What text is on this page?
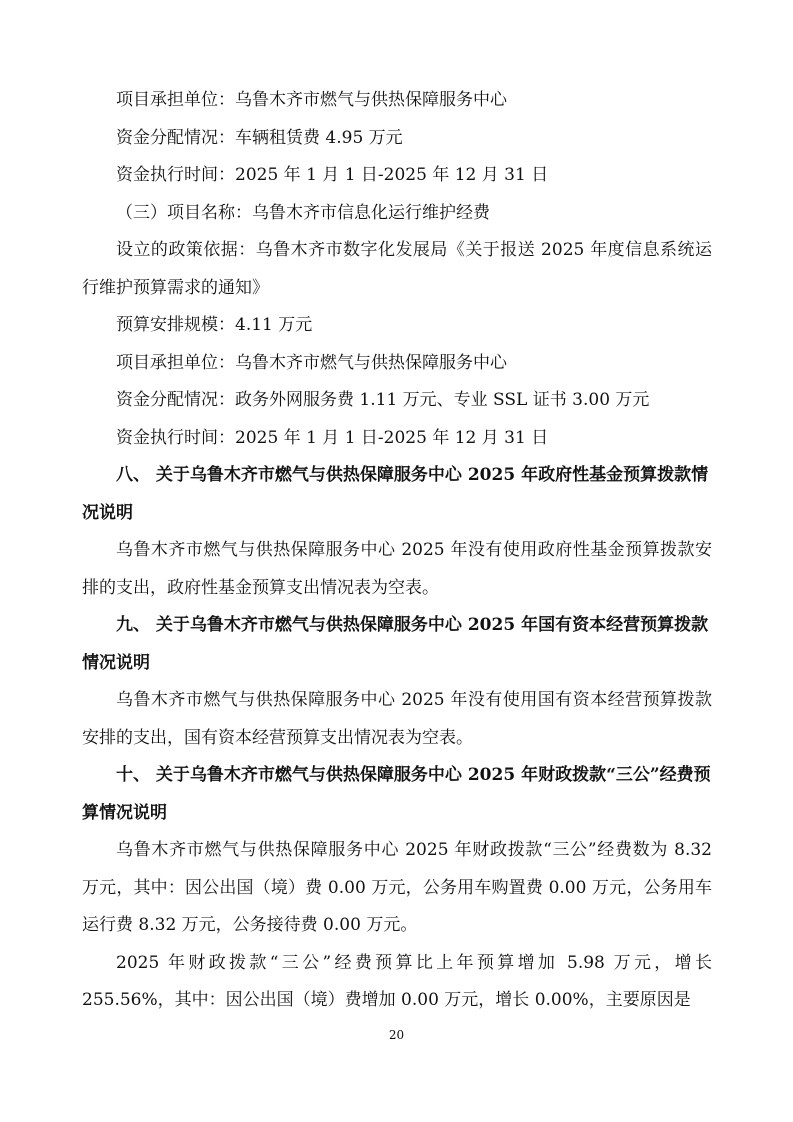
项目承担单位：乌鲁木齐市燃气与供热保障服务中心

资金分配情况：车辆租赁费 4.95 万元

资金执行时间：2025 年 1 月 1 日-2025 年 12 月 31 日

（三）项目名称：乌鲁木齐市信息化运行维护经费

设立的政策依据：乌鲁木齐市数字化发展局《关于报送 2025 年度信息系统运行维护预算需求的通知》

预算安排规模：4.11 万元

项目承担单位：乌鲁木齐市燃气与供热保障服务中心

资金分配情况：政务外网服务费 1.11 万元、专业 SSL 证书 3.00 万元

资金执行时间：2025 年 1 月 1 日-2025 年 12 月 31 日

八、 关于乌鲁木齐市燃气与供热保障服务中心 2025 年政府性基金预算拨款情况说明

乌鲁木齐市燃气与供热保障服务中心 2025 年没有使用政府性基金预算拨款安排的支出，政府性基金预算支出情况表为空表。

九、 关于乌鲁木齐市燃气与供热保障服务中心 2025 年国有资本经营预算拨款情况说明

乌鲁木齐市燃气与供热保障服务中心 2025 年没有使用国有资本经营预算拨款安排的支出，国有资本经营预算支出情况表为空表。

十、 关于乌鲁木齐市燃气与供热保障服务中心 2025 年财政拨款“三公”经费预算情况说明

乌鲁木齐市燃气与供热保障服务中心 2025 年财政拨款“三公”经费数为 8.32 万元，其中：因公出国（境）费 0.00 万元，公务用车购置费 0.00 万元，公务用车运行费 8.32 万元，公务接待费 0.00 万元。

2025 年财政拨款“三公”经费预算比上年预算增加 5.98 万元，增长 255.56%，其中：因公出国（境）费增加 0.00 万元，增长 0.00%，主要原因是

20
